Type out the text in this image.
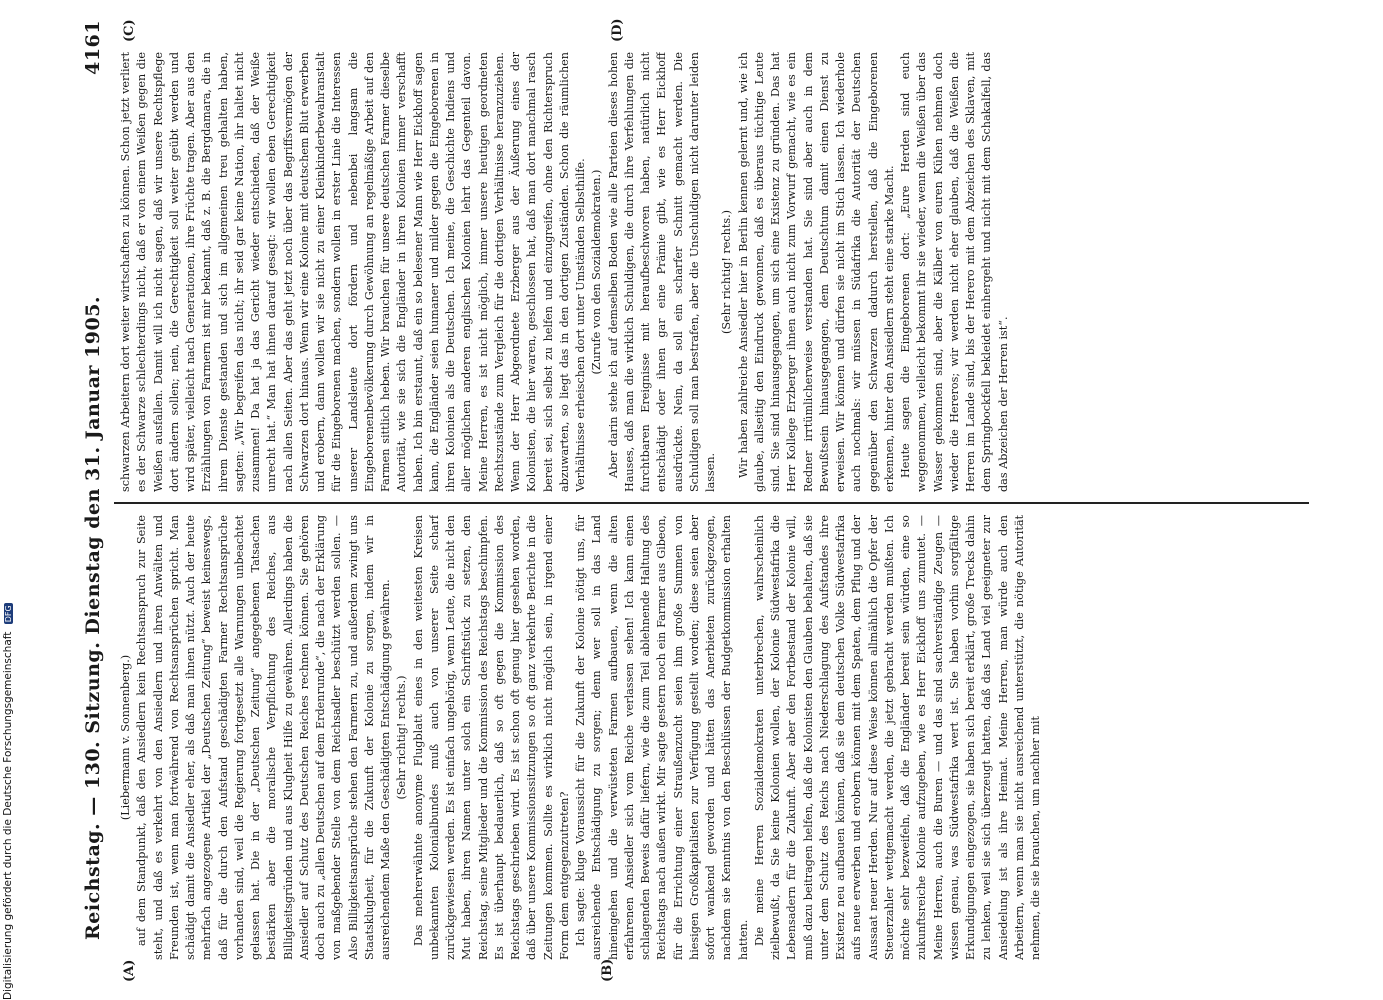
Reichstag. — 130. Sitzung. Dienstag den 31. Januar 1905.
4161
(A)	(B)
(C)	(D)

(Liebermann v. Sonnenberg.) auf dem Standpunkt, daß den Ansiedlern kein Rechtsanspruch zur Seite steht, und daß es verkehrt von den Ansiedlern und ihren Anwälten und Freunden ist, wenn man fortwährend von Rechtsansprüchen spricht. Man schädigt damit die Ansiedler eher, als daß man ihnen nützt. Auch der heute mehrfach angezogene Artikel der „Deutschen Zeitung“ beweist keineswegs, daß für die durch den Aufstand geschädigten Farmer Rechtsansprüche vorhanden sind, weil die Regierung fortgesetzt alle Warnungen unbeachtet gelassen hat. Die in der „Deutschen Zeitung“ angegebenen Tatsachen bestärken aber die moralische Verpflichtung des Reiches, aus Billigkeitsgründen und aus Klugheit Hilfe zu gewähren. Allerdings haben die Ansiedler auf Schutz des Deutschen Reiches rechnen können. Sie gehören doch auch zu „allen Deutschen auf dem Erdenrunde“, die nach der Erklärung von maßgebender Stelle von dem Reichsadler beschützt werden sollen. — Also Billigkeitsansprüche stehen den Farmern zu, und außerdem zwingt uns Staatsklugheit, für die Zukunft der Kolonie zu sorgen, indem wir in ausreichendem Maße den Geschädigten Entschädigung gewähren. (Sehr richtig! rechts.) Das mehrerwähnte anonyme Flugblatt eines in den weitesten Kreisen unbekannten Kolonialbundes muß auch von unserer Seite scharf zurückgewiesen werden. Es ist einfach ungehörig, wenn Leute, die nicht den Mut haben, ihren Namen unter solch ein Schriftstück zu setzen, den Reichstag, seine Mitglieder und die Kommission des Reichstags beschimpfen. Es ist überhaupt bedauerlich, daß so oft gegen die Kommission des Reichstags geschrieben wird. Es ist schon oft genug hier gesehen worden, daß über unsere Kommissionssitzungen so oft ganz verkehrte Berichte in die Zeitungen kommen. Sollte es wirklich nicht möglich sein, in irgend einer Form dem entgegenzutreten? Ich sagte: kluge Voraussicht für die Zukunft der Kolonie nötigt uns, für ausreichende Entschädigung zu sorgen; denn wer soll in das Land hineingehen und die verwüsteten Farmen aufbauen, wenn die alten erfahrenen Ansiedler sich vom Reiche verlassen sehen! Ich kann einen schlagenden Beweis dafür liefern, wie die zum Teil ablehnende Haltung des Reichstags nach außen wirkt. Mir sagte gestern noch ein Farmer aus Gibeon, für die Errichtung einer Straußenzucht seien ihm große Summen von hiesigen Großkapitalisten zur Verfügung gestellt worden; diese seien aber sofort wankend geworden und hätten das Anerbieten zurückgezogen, nachdem sie Kenntnis von den Beschlüssen der Budgetkommission erhalten hatten. Die meine Herren Sozialdemokraten unterbrechen, wahrscheinlich zielbewußt, da Sie keine Kolonien wollen, der Kolonie Südwestafrika die Lebensadern für die Zukunft. Aber aber den Fortbestand der Kolonie will, muß dazu beitragen helfen, daß die Kolonisten den Glauben behalten, daß sie unter dem Schutz des Reichs nach Niederschlagung des Aufstandes ihre Existenz neu aufbauen können, daß sie dem deutschen Volke Südwestafrika aufs neue erwerben und erobern können mit dem Spaten, dem Pflug und der Aussaat neuer Herden. Nur auf diese Weise können allmählich die Opfer der Steuerzahler wettgemacht werden, die jetzt gebracht werden mußten. Ich möchte sehr bezweifeln, daß die Engländer bereit sein würden, eine so zukunftsreiche Kolonie aufzugeben, wie es Herr Eickhoff uns zumutet. — Meine Herren, auch die Buren — und das sind sachverständige Zeugen — wissen genau, was Südwestafrika wert ist. Sie haben vorhin sorgfältige Erkundigungen eingezogen, sie haben sich bereit erklärt, große Trecks dahin zu lenken, weil sie sich überzeugt hatten, daß das Land viel geeigneter zur Ansiedelung ist als ihre Heimat. Meine Herren, man würde auch den Arbeitern, wenn man sie nicht ausreichend unterstützt, die nötige Autorität nehmen, die sie brauchen, um nachher mit

schwarzen Arbeitern dort weiter wirtschaften zu können. Schon jetzt verliert es der Schwarze schlechterdings nicht, daß er von einem Weißen gegen die Weißen ausfallen. Damit will ich nicht sagen, daß wir unsere Rechtspflege dort ändern sollen; nein, die Gerechtigkeit soll weiter geübt werden und wird später, vielleicht nach Generationen, ihre Früchte tragen. Aber aus den Erzählungen von Farmern ist mir bekannt, daß z. B. die Bergdamara, die in ihrem Dienste gestanden und sich im allgemeinen treu gehalten haben, sagten: „Wir begreifen das nicht; ihr seid gar keine Nation, ihr haltet nicht zusammen! Da hat ja das Gericht wieder entschieden, daß der Weiße unrecht hat.“ Man hat ihnen darauf gesagt: wir wollen eben Gerechtigkeit nach allen Seiten. Aber das geht jetzt noch über das Begriffsvermögen der Schwarzen dort hinaus. Wenn wir eine Kolonie mit deutschem Blut erwerben und erobern, dann wollen wir sie nicht zu einer Kleinkinderbewahranstalt für die Eingeborenen machen, sondern wollen in erster Linie die Interessen unserer Landsleute dort fördern und nebenbei langsam die Eingeborenenbevölkerung durch Gewöhnung an regelmäßige Arbeit auf den Farmen sittlich heben. Wir brauchen für unsere deutschen Farmer dieselbe Autorität, wie sie sich die Engländer in ihren Kolonien immer verschafft haben. Ich bin erstaunt, daß ein so belesener Mann wie Herr Eickhoff sagen kann, die Engländer seien humaner und milder gegen die Eingeborenen in ihren Kolonien als die Deutschen. Ich meine, die Geschichte Indiens und aller möglichen anderen englischen Kolonien lehrt das Gegenteil davon. Meine Herren, es ist nicht möglich, immer unsere heutigen geordneten Rechtszustände zum Vergleich für die dortigen Verhältnisse heranzuziehen. Wenn der Herr Abgeordnete Erzberger aus der Äußerung eines der Kolonisten, die hier waren, geschlossen hat, daß man dort manchmal rasch bereit sei, sich selbst zu helfen und einzugreifen, ohne den Richterspruch abzuwarten, so liegt das in den dortigen Zuständen. Schon die räumlichen Verhältnisse erheischen dort unter Umständen Selbsthilfe. (Zurufe von den Sozialdemokraten.) Aber darin stehe ich auf demselben Boden wie alle Parteien dieses hohen Hauses, daß man die wirklich Schuldigen, die durch ihre Verfehlungen die furchtbaren Ereignisse mit heraufbeschworen haben, natürlich nicht entschädigt oder ihnen gar eine Prämie gibt, wie es Herr Eickhoff ausdrückte. Nein, da soll ein scharfer Schnitt gemacht werden. Die Schuldigen soll man bestrafen, aber die Unschuldigen nicht darunter leiden lassen.

(Sehr richtig! rechts.) Wir haben zahlreiche Ansiedler hier in Berlin kennen gelernt und, wie ich glaube, allseitig den Eindruck gewonnen, daß es überaus tüchtige Leute sind. Sie sind hinausgegangen, um sich eine Existenz zu gründen. Das hat Herr Kollege Erzberger ihnen auch nicht zum Vorwurf gemacht, wie es ein Redner irrtümlicherweise verstanden hat. Sie sind aber auch in dem Bewußtsein hinausgegangen, dem Deutschtum damit einen Dienst zu erweisen. Wir können und dürfen sie nicht im Stich lassen. Ich wiederhole auch nochmals: wir müssen in Südafrika die Autorität der Deutschen gegenüber den Schwarzen dadurch herstellen, daß die Eingeborenen erkennen, hinter den Ansiedlern steht eine starke Macht. Heute sagen die Eingeborenen dort: „Eure Herden sind euch weggenommen, vielleicht bekommt ihr sie wieder, wenn die Weißen über das Wasser gekommen sind, aber die Kälber von euren Kühen nehmen doch wieder die Hereros; wir werden nicht eher glauben, daß die Weißen die Herren im Lande sind, bis der Herero mit dem Abzeichen des Sklaven, mit dem Springbockfell bekleidet einhergeht und nicht mit dem Schakalfell, das das Abzeichen der Herren ist“.

Digitalisierung gefördert durch die Deutsche Forschungsgemeinschaft DFG
